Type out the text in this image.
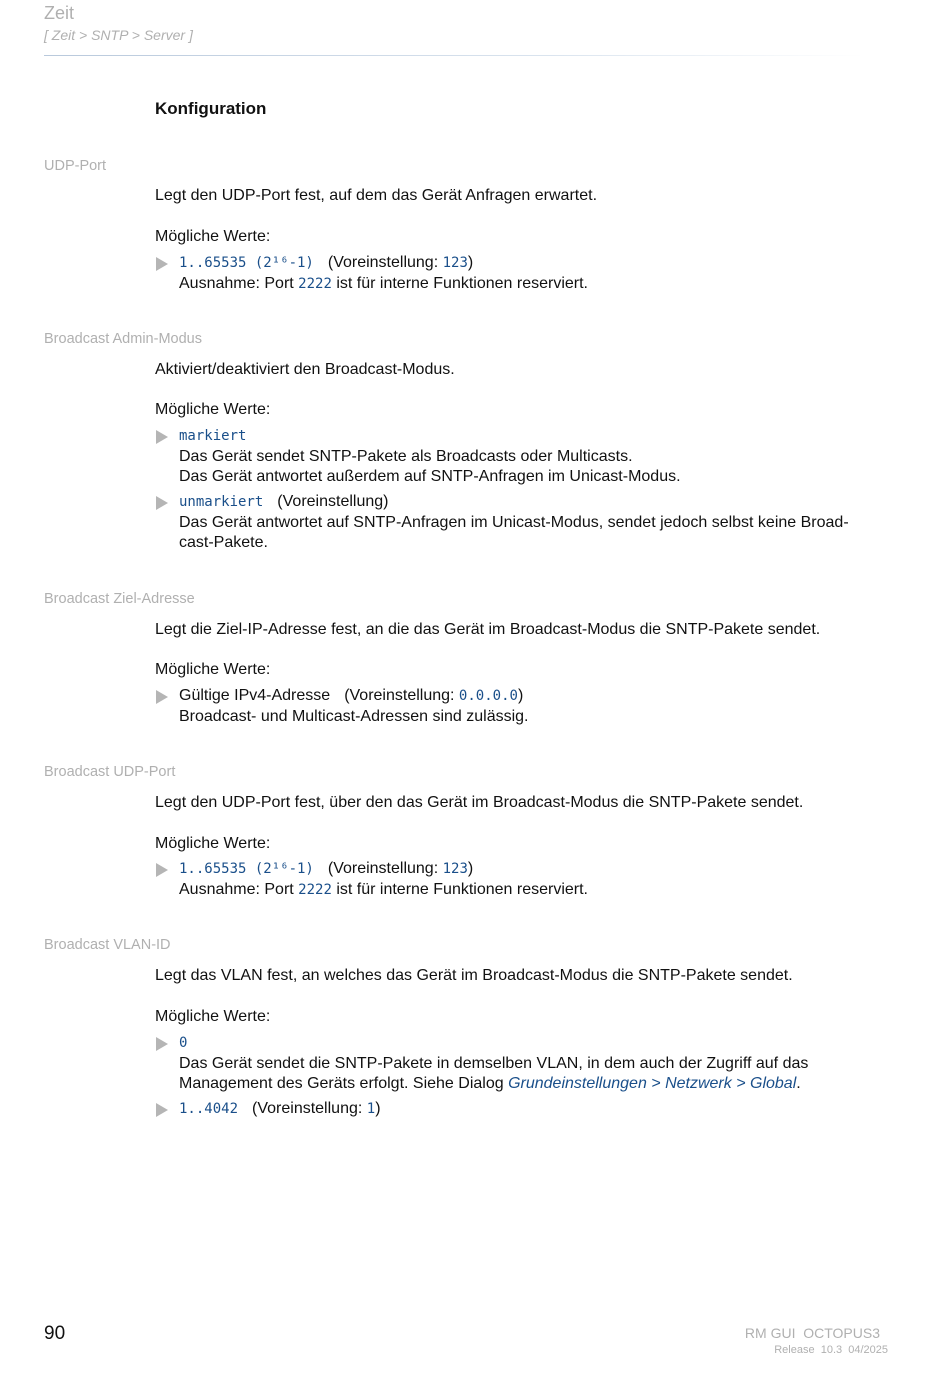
Zeit
[ Zeit > SNTP > Server ]
Konfiguration
UDP-Port
Legt den UDP-Port fest, auf dem das Gerät Anfragen erwartet.
Mögliche Werte:
1..65535 (2¹⁶-1) (Voreinstellung: 123)
Ausnahme: Port 2222 ist für interne Funktionen reserviert.
Broadcast Admin-Modus
Aktiviert/deaktiviert den Broadcast-Modus.
Mögliche Werte:
markiert
Das Gerät sendet SNTP-Pakete als Broadcasts oder Multicasts.
Das Gerät antwortet außerdem auf SNTP-Anfragen im Unicast-Modus.
unmarkiert (Voreinstellung)
Das Gerät antwortet auf SNTP-Anfragen im Unicast-Modus, sendet jedoch selbst keine Broad-
cast-Pakete.
Broadcast Ziel-Adresse
Legt die Ziel-IP-Adresse fest, an die das Gerät im Broadcast-Modus die SNTP-Pakete sendet.
Mögliche Werte:
Gültige IPv4-Adresse (Voreinstellung: 0.0.0.0)
Broadcast- und Multicast-Adressen sind zulässig.
Broadcast UDP-Port
Legt den UDP-Port fest, über den das Gerät im Broadcast-Modus die SNTP-Pakete sendet.
Mögliche Werte:
1..65535 (2¹⁶-1) (Voreinstellung: 123)
Ausnahme: Port 2222 ist für interne Funktionen reserviert.
Broadcast VLAN-ID
Legt das VLAN fest, an welches das Gerät im Broadcast-Modus die SNTP-Pakete sendet.
Mögliche Werte:
0
Das Gerät sendet die SNTP-Pakete in demselben VLAN, in dem auch der Zugriff auf das
Management des Geräts erfolgt. Siehe Dialog Grundeinstellungen > Netzwerk > Global.
1..4042 (Voreinstellung: 1)
90	RM GUI  OCTOPUS3
Release  10.3  04/2025
